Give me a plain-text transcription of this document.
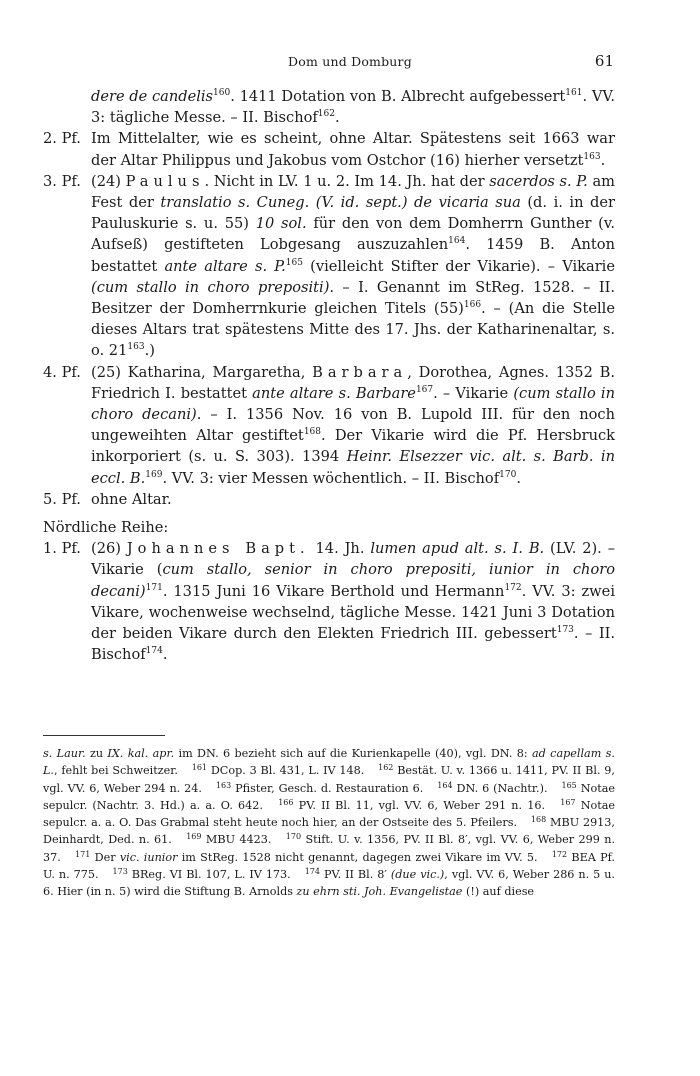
Dom und Domburg	61
dere de candelis$^{160}$. 1411 Dotation von B. Albrecht aufgebessert$^{161}$. VV. 3: tägliche Messe. – II. Bischof$^{162}$.
2. Pf. Im Mittelalter, wie es scheint, ohne Altar. Spätestens seit 1663 war der Altar Philippus und Jakobus vom Ostchor (16) hierher versetzt$^{163}$.
3. Pf. (24) Paulus. Nicht in LV. 1 u. 2. Im 14. Jh. hat der sacerdos s. P. am Fest der translatio s. Cuneg. (V. id. sept.) de vicaria sua (d. i. in der Pauluskurie s. u. 55) 10 sol. für den von dem Domherrn Gunther (v. Aufseß) gestifteten Lobgesang auszuzahlen$^{164}$. 1459 B. Anton bestattet ante altare s. P.$^{165}$ (vielleicht Stifter der Vikarie). – Vikarie (cum stallo in choro prepositi). – I. Genannt im StReg. 1528. – II. Besitzer der Domherrnkurie gleichen Titels $(55)^{166}$. – (An die Stelle dieses Altars trat spätestens Mitte des 17. Jhs. der Katharinenaltar, s. o. $21^{163}$.)
4. Pf. (25) Katharina, Margaretha, Barbara, Dorothea, Agnes. 1352 B. Friedrich I. bestattet ante altare s. Barbare$^{167}$. – Vikarie (cum stallo in choro decani). – I. 1356 Nov. 16 von B. Lupold III. für den noch ungeweihten Altar gestiftet$^{168}$. Der Vikarie wird die Pf. Hersbruck inkorporiert (s. u. S. 303). 1394 Heinr. Elsezzer vic. alt. s. Barb. in eccl. B.$^{169}$. VV. 3: vier Messen wöchentlich. – II. Bischof$^{170}$.
5. Pf. ohne Altar.
Nördliche Reihe:
1. Pf. (26) Johannes Bapt. 14. Jh. lumen apud alt. s. I. B. (LV. 2). – Vikarie (cum stallo, senior in choro prepositi, iunior in choro decani)$^{171}$. 1315 Juni 16 Vikare Berthold und Hermann$^{172}$. VV. 3: zwei Vikare, wochenweise wechselnd, tägliche Messe. 1421 Juni 3 Dotation der beiden Vikare durch den Elekten Friedrich III. gebessert$^{173}$. – II. Bischof$^{174}$.
s. Laur. zu IX. kal. apr. im DN. 6 bezieht sich auf die Kurienkapelle (40), vgl. DN. 8: ad capellam s. L., fehlt bei Schweitzer. $^{161}$ DCop. 3 Bl. 431, L. IV 148. $^{162}$ Bestät. U. v. 1366 u. 1411, PV. II Bl. 9, vgl. VV. 6, Weber 294 n. 24. $^{163}$ Pfister, Gesch. d. Restauration 6. $^{164}$ DN. 6 (Nachtr.). $^{165}$ Notae sepulcr. (Nachtr. 3. Hd.) a. a. O. 642. $^{166}$ PV. II Bl. 11, vgl. VV. 6, Weber 291 n. 16. $^{167}$ Notae sepulcr. a. a. O. Das Grabmal steht heute noch hier, an der Ostseite des 5. Pfeilers. $^{168}$ MBU 2913, Deinhardt, Ded. n. 61. $^{169}$ MBU 4423. $^{170}$ Stift. U. v. 1356, PV. II Bl. 8′, vgl. VV. 6, Weber 299 n. 37. $^{171}$ Der vic. iunior im StReg. 1528 nicht genannt, dagegen zwei Vikare im VV. 5. $^{172}$ BEA Pf. U. n. 775. $^{173}$ BReg. VI Bl. 107, L. IV 173. $^{174}$ PV. II Bl. 8′ (due vic.), vgl. VV. 6, Weber 286 n. 5 u. 6. Hier (in n. 5) wird die Stiftung B. Arnolds zu ehrn sti. Joh. Evangelistae (!) auf diese
